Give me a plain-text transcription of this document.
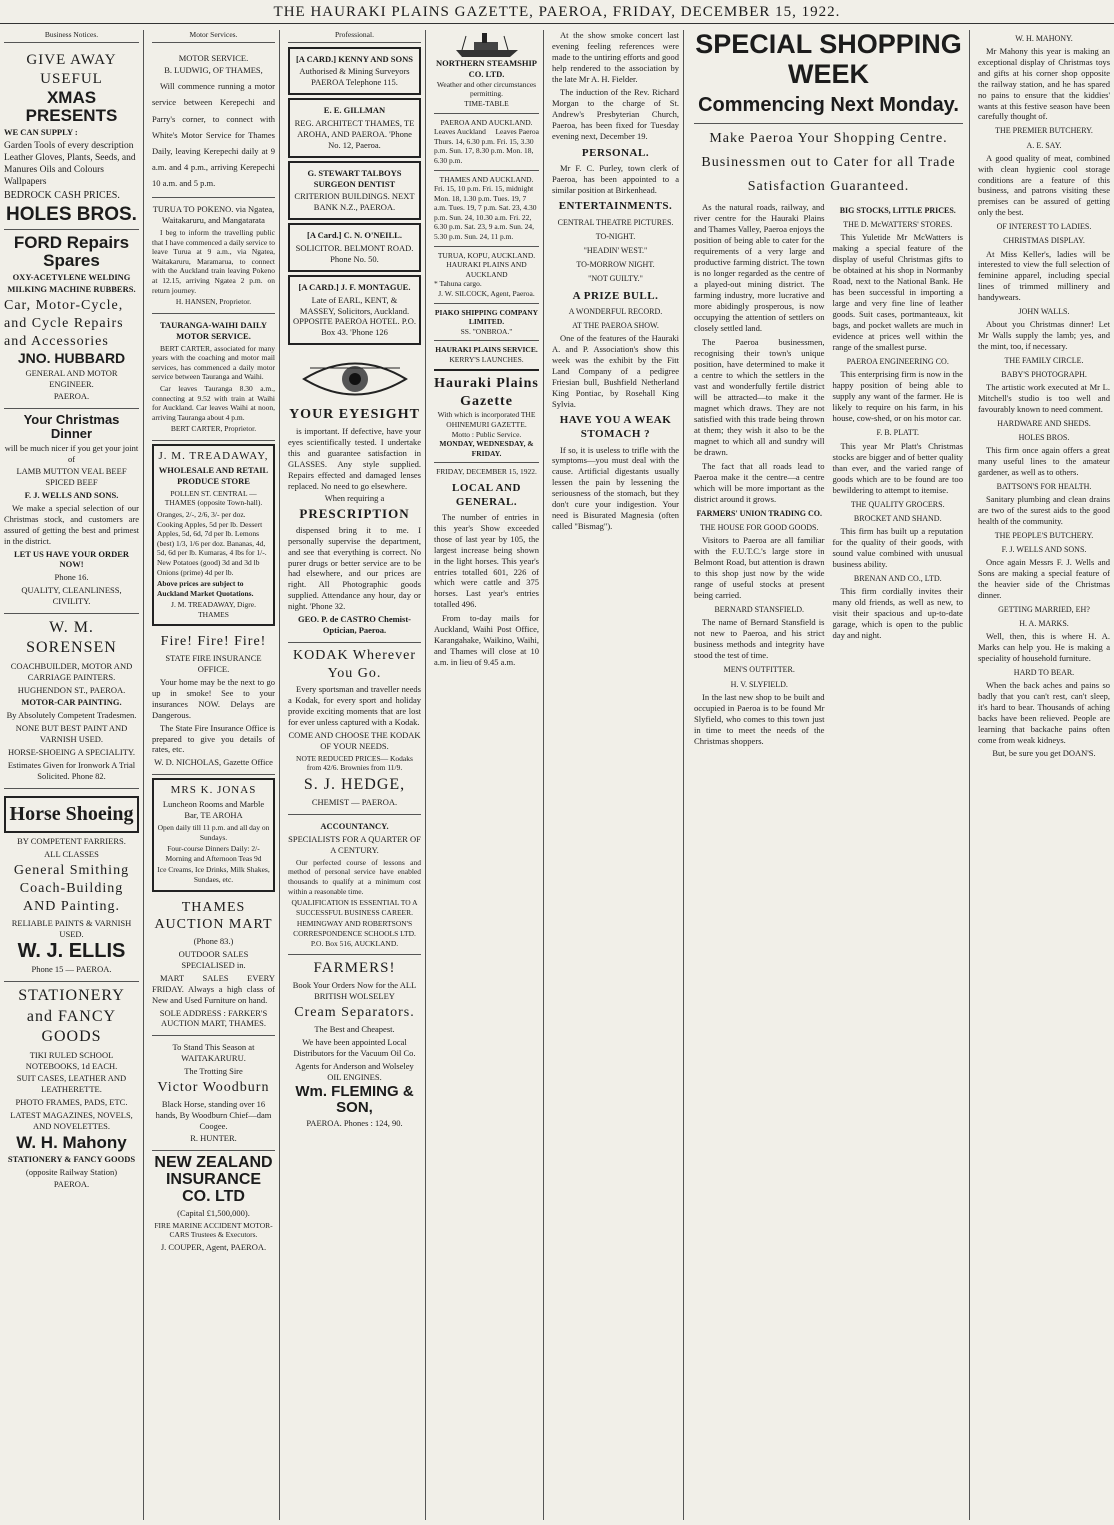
THE HAURAKI PLAINS GAZETTE, PAEROA, FRIDAY, DECEMBER 15, 1922.
Business Notices.
GIVE AWAY
USEFUL
XMAS PRESENTS

WE CAN SUPPLY :

Garden Tools of every description Leather Gloves, Plants, Seeds, and Manures Oils and Colours Wallpapers

BEDROCK CASH PRICES.

HOLES BROS.
FORD Repairs Spares

OXY-ACETYLENE WELDING

MILKING MACHINE RUBBERS.

Car, Motor-Cycle, and Cycle Repairs and Accessories
JNO. HUBBARD

GENERAL AND MOTOR ENGINEER.

PAEROA.

Your Christmas Dinner

will be much nicer if you get your joint of

LAMB MUTTON VEAL BEEF SPICED BEEF

F. J. WELLS AND SONS.

We make a special selection of our Christmas stock, and customers are assured of getting the best and primest in the district.

LET US HAVE YOUR ORDER NOW!

Phone 16.

QUALITY, CLEANLINESS, CIVILITY.

W. M. SORENSEN

COACHBUILDER, MOTOR AND CARRIAGE PAINTERS.

HUGHENDON ST., PAEROA.

MOTOR-CAR PAINTING.

By Absolutely Competent Tradesmen.

NONE BUT BEST PAINT AND VARNISH USED.

HORSE-SHOEING A SPECIALITY.

Estimates Given for Ironwork A Trial Solicited. Phone 82.

Horse Shoeing

BY COMPETENT FARRIERS.

ALL CLASSES

General Smithing
Coach-Building AND Painting.

RELIABLE PAINTS & VARNISH USED.

W. J. ELLIS

Phone 15 — PAEROA.

STATIONERY and FANCY GOODS

TIKI RULED SCHOOL NOTEBOOKS, 1d EACH.

SUIT CASES, LEATHER AND LEATHERETTE.

PHOTO FRAMES, PADS, ETC.

LATEST MAGAZINES, NOVELS, AND NOVELETTES.

W. H. Mahony

STATIONERY & FANCY GOODS

(opposite Railway Station)

PAEROA.

Motor Services.

MOTOR SERVICE.

B. LUDWIG, OF THAMES,

Will commence running a motor service between Kerepechi and Parry's corner, to connect with White's Motor Service for Thames Daily, leaving Kerepechi daily at 9 a.m. and 4 p.m., arriving Kerepechi 10 a.m. and 5 p.m.

TURUA TO POKENO. via Ngatea, Waitakaruru, and Mangatarata

I beg to inform the travelling public that I have commenced a daily service to leave Turua at 9 a.m., via Ngatea, Waitakaruru, Maramarua, to connect with the Auckland train leaving Pokeno at 12.15, arriving Ngatea 2 p.m. on return journey.

H. HANSEN, Proprietor.

TAURANGA-WAIHI DAILY MOTOR SERVICE.

BERT CARTER, associated for many years with the coaching and motor mail services, has commenced a daily motor service between Tauranga and Waihi.

Car leaves Tauranga 8.30 a.m., connecting at 9.52 with train at Waihi for Auckland. Car leaves Waihi at noon, arriving Tauranga about 4 p.m.

BERT CARTER, Proprietor.

J. M. TREADAWAY,

WHOLESALE AND RETAIL PRODUCE STORE

POLLEN ST. CENTRAL — THAMES (opposite Town-hall).

Oranges, 2/-, 2/6, 3/- per doz. Cooking Apples, 5d per lb. Dessert Apples, 5d, 6d, 7d per lb. Lemons (best) 1/3, 1/6 per doz. Bananas, 4d, 5d, 6d per lb. Kumaras, 4 lbs for 1/-. New Potatoes (good) 3d and 3d lb Onions (prime) 4d per lb.

Above prices are subject to Auckland Market Quotations.

J. M. TREADAWAY, Digre. THAMES

Fire! Fire! Fire!

STATE FIRE INSURANCE OFFICE.

Your home may be the next to go up in smoke! See to your insurances NOW. Delays are Dangerous.

The State Fire Insurance Office is prepared to give you details of rates, etc.

W. D. NICHOLAS, Gazette Office

MRS K. JONAS

Luncheon Rooms and Marble Bar, TE AROHA

Open daily till 11 p.m. and all day on Sundays.

Four-course Dinners Daily: 2/- Morning and Afternoon Teas 9d

Ice Creams, Ice Drinks, Milk Shakes, Sundaes, etc.

THAMES AUCTION MART

(Phone 83.)

OUTDOOR SALES SPECIALISED in.

MART SALES EVERY FRIDAY. Always a high class of New and Used Furniture on hand.

SOLE ADDRESS : FARKER'S AUCTION MART, THAMES.

To Stand This Season at WAITAKARURU.

The Trotting Sire

Victor Woodburn

Black Horse, standing over 16 hands, By Woodburn Chief—dam Coogee.

R. HUNTER.

NEW ZEALAND INSURANCE CO. LTD

(Capital £1,500,000).

FIRE MARINE ACCIDENT MOTOR-CARS Trustees & Executors.

J. COUPER, Agent, PAEROA.

Professional.

[A CARD.] KENNY AND SONS

Authorised & Mining Surveyors PAEROA Telephone 115.

E. E. GILLMAN

REG. ARCHITECT THAMES, TE AROHA, AND PAEROA. 'Phone No. 12, Paeroa.

G. STEWART TALBOYS SURGEON DENTIST

CRITERION BUILDINGS. NEXT BANK N.Z., PAEROA.

[A Card.] C. N. O'NEILL.

SOLICITOR. BELMONT ROAD. Phone No. 50.

[A CARD.] J. F. MONTAGUE.

Late of EARL, KENT, & MASSEY, Solicitors, Auckland. OPPOSITE PAEROA HOTEL. P.O. Box 43. 'Phone 126

YOUR EYESIGHT

is important. If defective, have your eyes scientifically tested. I undertake this and guarantee satisfaction in GLASSES. Any style supplied. Repairs effected and damaged lenses replaced. No need to go elsewhere.

When requiring a

PRESCRIPTION

dispensed bring it to me. I personally supervise the department, and see that everything is correct. No purer drugs or better service are to be had elsewhere, and our prices are right. All Photographic goods supplied. Attendance any hour, day or night. 'Phone 32.

GEO. P. de CASTRO Chemist-Optician, Paeroa.

KODAK Wherever You Go.

Every sportsman and traveller needs a Kodak, for every sport and holiday provide exciting moments that are lost for ever unless captured with a Kodak.

COME AND CHOOSE THE KODAK OF YOUR NEEDS.

NOTE REDUCED PRICES— Kodaks from 42/6. Brownies from 11/9.

S. J. HEDGE,

CHEMIST — PAEROA.

ACCOUNTANCY.

SPECIALISTS FOR A QUARTER OF A CENTURY.

Our perfected course of lessons and method of personal service have enabled thousands to qualify at a minimum cost within a reasonable time.

QUALIFICATION IS ESSENTIAL TO A SUCCESSFUL BUSINESS CAREER.

HEMINGWAY AND ROBERTSON'S CORRESPONDENCE SCHOOLS LTD. P.O. Box 516, AUCKLAND.

FARMERS!

Book Your Orders Now for the ALL BRITISH WOLSELEY

Cream Separators.

The Best and Cheapest.

We have been appointed Local Distributors for the Vacuum Oil Co.

Agents for Anderson and Wolseley OIL ENGINES.

Wm. FLEMING & SON,

PAEROA. Phones : 124, 90.

NORTHERN STEAMSHIP CO. LTD.

Weather and other circumstances permitting.

TIME-TABLE

PAEROA AND AUCKLAND.

Leaves Auckland Leaves Paeroa

Thurs. 14, 6.30 p.m. Fri. 15, 3.30 p.m. Sun. 17, 8.30 p.m. Mon. 18, 6.30 p.m.

THAMES AND AUCKLAND.

Fri. 15, 10 p.m. Fri. 15, midnight Mon. 18, 1.30 p.m. Tues. 19, 7 a.m. Tues. 19, 7 p.m. Sat. 23, 4.30 p.m. Sun. 24, 10.30 a.m. Fri. 22, 6.30 p.m. Sat. 23, 9 a.m. Sun. 24, 5.30 p.m. Sun. 24, 11 p.m.

TURUA, KOPU, AUCKLAND.

HAURAKI PLAINS AND AUCKLAND

* Tahuna cargo.

J. W. SILCOCK, Agent, Paeroa.

PIAKO SHIPPING COMPANY LIMITED.

SS. "ONBROA."

HAURAKI PLAINS SERVICE.

KERRY'S LAUNCHES.

Hauraki Plains Gazette

With which is incorporated THE OHINEMURI GAZETTE.

Motto : Public Service.

MONDAY, WEDNESDAY, & FRIDAY.

FRIDAY, DECEMBER 15, 1922.

LOCAL AND GENERAL.

The number of entries in this year's Show exceeded those of last year by 105, the largest increase being shown in the light horses. This year's entries totalled 601, 226 of which were cattle and 375 horses. Last year's entries totalled 496.

From to-day mails for Auckland, Waihi Post Office, Karangahake, Waikino, Waihi, and Thames will close at 10 a.m. in lieu of 9.45 a.m.

At the show smoke concert last evening feeling references were made to the untiring efforts and good help rendered to the association by the late Mr A. H. Fielder.

The induction of the Rev. Richard Morgan to the charge of St. Andrew's Presbyterian Church, Paeroa, has been fixed for Tuesday evening next, December 19.

PERSONAL.

Mr F. C. Purley, town clerk of Paeroa, has been appointed to a similar position at Birkenhead.

ENTERTAINMENTS.

CENTRAL THEATRE PICTURES.

TO-NIGHT.

"HEADIN' WEST."

TO-MORROW NIGHT.

"NOT GUILTY."

A PRIZE BULL.

A WONDERFUL RECORD.

AT THE PAEROA SHOW.

One of the features of the Hauraki A. and P. Association's show this week was the exhibit by the Fitt Land Company of a pedigree Friesian bull, Bushfield Netherland King Pontiac, by Rosehall King Sylvia.

HAVE YOU A WEAK STOMACH ?

If so, it is useless to trifle with the symptoms—you must deal with the cause. Artificial digestants usually lessen the pain by lessening the seriousness of the stomach, but they don't cure your indigestion. Your need is Bisurated Magnesia (often called "Bismag").

SPECIAL SHOPPING WEEK
Commencing Next Monday.
Make Paeroa Your Shopping Centre.
Businessmen out to Cater for all Trade
Satisfaction Guaranteed.

As the natural roads, railway, and river centre for the Hauraki Plains and Thames Valley, Paeroa enjoys the position of being able to cater for the requirements of a very large and productive farming district. The town is no longer regarded as the centre of a played-out mining district. The farming industry, more lucrative and more abidingly prosperous, is now occupying the attention of settlers on closely settled land.

The Paeroa businessmen, recognising their town's unique position, have determined to make it a centre to which the settlers in the vast and wonderfully fertile district will be attracted—to make it the magnet which draws. They are not satisfied with this trade being thrown at them; they wish it also to be the magnet to which all and sundry will be drawn.

The fact that all roads lead to Paeroa make it the centre—a centre which will be more important as the district around it grows.

FARMERS' UNION TRADING CO.

THE HOUSE FOR GOOD GOODS.

Visitors to Paeroa are all familiar with the F.U.T.C.'s large store in Belmont Road, but attention is drawn to this shop just now by the wide range of useful stocks at present being carried.

BERNARD STANSFIELD.

The name of Bernard Stansfield is not new to Paeroa, and his strict business methods and integrity have stood the test of time.

MEN'S OUTFITTER.

H. V. SLYFIELD.

In the last new shop to be built and occupied in Paeroa is to be found Mr Slyfield, who comes to this town just in time to meet the needs of the Christmas shoppers.

BIG STOCKS, LITTLE PRICES.

THE D. McWATTERS' STORES.

This Yuletide Mr McWatters is making a special feature of the display of useful Christmas gifts to be obtained at his shop in Normanby Road, next to the National Bank. He has been successful in importing a large and very fine line of leather goods. Suit cases, portmanteaux, kit bags, and pocket wallets are much in evidence at prices well within the range of the smallest purse.

PAEROA ENGINEERING CO.

This enterprising firm is now in the happy position of being able to supply any want of the farmer. He is likely to require on his farm, in his house, cow-shed, or on his motor car.

F. B. PLATT.

This year Mr Platt's Christmas stocks are bigger and of better quality than ever, and the varied range of goods which are to be found are too bewildering to attempt to itemise.

THE QUALITY GROCERS.

BROCKET AND SHAND.

This firm has built up a reputation for the quality of their goods, with sound value combined with unusual business ability.

BRENAN AND CO., LTD.

This firm cordially invites their many old friends, as well as new, to visit their spacious and up-to-date garage, which is open to the public day and night.

W. H. MAHONY.

Mr Mahony this year is making an exceptional display of Christmas toys and gifts at his corner shop opposite the railway station, and he has spared no pains to ensure that the kiddies' wants at this festive season have been carefully thought of.

THE PREMIER BUTCHERY.

A. E. SAY.

A good quality of meat, combined with clean hygienic cool storage conditions are a feature of this business, and patrons visiting these premises can be assured of getting only the best.

OF INTEREST TO LADIES.

CHRISTMAS DISPLAY.

At Miss Keller's, ladies will be interested to view the full selection of feminine apparel, including special lines of trimmed millinery and handywears.

JOHN WALLS.

About you Christmas dinner! Let Mr Walls supply the lamb; yes, and the mint, too, if necessary.

THE FAMILY CIRCLE.

BABY'S PHOTOGRAPH.

The artistic work executed at Mr L. Mitchell's studio is too well and favourably known to need comment.

HARDWARE AND SHEDS.

HOLES BROS.

This firm once again offers a great many useful lines to the amateur gardener, as well as to others.

BATTSON'S FOR HEALTH.

Sanitary plumbing and clean drains are two of the surest aids to the good health of the community.

THE PEOPLE'S BUTCHERY.

F. J. WELLS AND SONS.

Once again Messrs F. J. Wells and Sons are making a special feature of the heavier side of the Christmas dinner.

GETTING MARRIED, EH?

H. A. MARKS.

Well, then, this is where H. A. Marks can help you. He is making a speciality of household furniture.

HARD TO BEAR.

When the back aches and pains so badly that you can't rest, can't sleep, it's hard to bear. Thousands of aching backs have been relieved. People are learning that backache pains often come from weak kidneys.

But, be sure you get DOAN'S.
